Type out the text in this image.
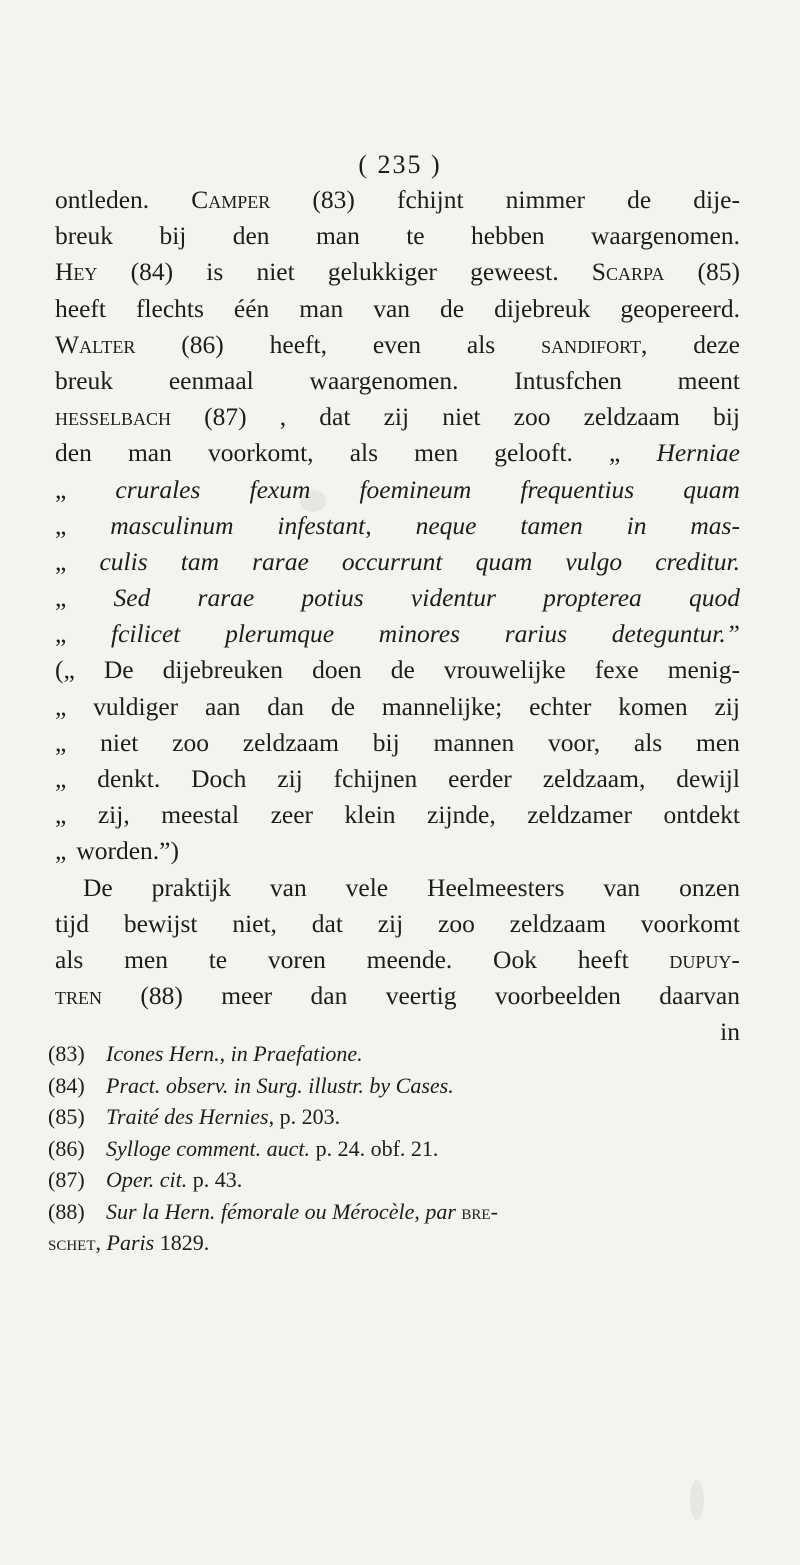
( 235 )
ontleden. Camper (83) fchijnt nimmer de dije-
breuk bij den man te hebben waargenomen.
Hey (84) is niet gelukkiger geweest. Scarpa (85)
heeft flechts één man van de dijebreuk geopereerd.
Walter (86) heeft, even als sandifort, deze
breuk eenmaal waargenomen. Intusfchen meent
hesselbach (87) , dat zij niet zoo zeldzaam bij
den man voorkomt, als men gelooft. „ Herniae
„ crurales fexum foemineum frequentius quam
„ masculinum infestant, neque tamen in mas-
„ culis tam rarae occurrunt quam vulgo creditur.
„ Sed rarae potius videntur propterea quod
„ fcilicet plerumque minores rarius deteguntur.”
(„ De dijebreuken doen de vrouwelijke fexe menig-
„ vuldiger aan dan de mannelijke; echter komen zij
„ niet zoo zeldzaam bij mannen voor, als men
„ denkt. Doch zij fchijnen eerder zeldzaam, dewijl
„ zij, meestal zeer klein zijnde, zeldzamer ontdekt
„ worden.”)
De praktijk van vele Heelmeesters van onzen
tijd bewijst niet, dat zij zoo zeldzaam voorkomt
als men te voren meende. Ook heeft dupuy-
tren (88) meer dan veertig voorbeelden daarvan
in
(83) Icones Hern., in Praefatione.
(84) Pract. observ. in Surg. illustr. by Cases.
(85) Traité des Hernies, p. 203.
(86) Sylloge comment. auct. p. 24. obf. 21.
(87) Oper. cit. p. 43.
(88) Sur la Hern. fémorale ou Mérocèle, par bre-
schet, Paris 1829.
